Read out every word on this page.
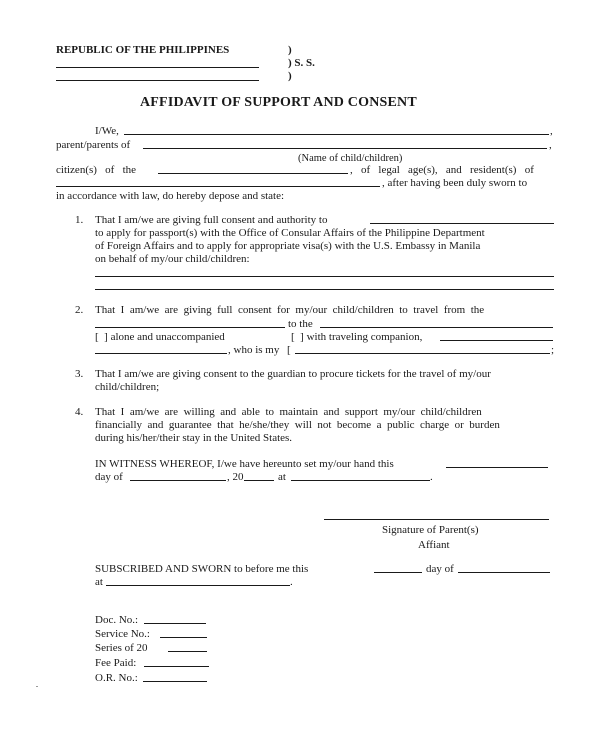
REPUBLIC OF THE PHILIPPINES	)
) S. S.
)
AFFIDAVIT OF SUPPORT AND CONSENT
I/We,	,
parent/parents of	,
(Name of child/children)
citizen(s)   of   the	,   of   legal   age(s),   and   resident(s)   of
, after having been duly sworn to
in accordance with law, do hereby depose and state:
1. That I am/we are giving full consent and authority to
to apply for passport(s) with the Office of Consular Affairs of the Philippine Department
of Foreign Affairs and to apply for appropriate visa(s) with the U.S. Embassy in Manila
on behalf of my/our child/children:
2. That  I  am/we  are  giving  full  consent  for  my/our  child/children  to  travel  from  the
to the
[  ] alone and unaccompanied	[  ] with traveling companion,
, who is my [	;
3. That I am/we are giving consent to the guardian to procure tickets for the travel of my/our
child/children;
4. That  I  am/we  are  willing  and  able  to  maintain  and  support  my/our  child/children
financially  and  guarantee  that  he/she/they  will  not  become  a  public  charge  or  burden
during his/her/their stay in the United States.
IN WITNESS WHEREOF, I/we have hereunto set my/our hand this
day of	, 20	at	.
Signature of Parent(s)
Affiant
SUBSCRIBED AND SWORN to before me this	day of
at	.
Doc. No.:
Service No.:
Series of 20
Fee Paid:
O.R. No.:
